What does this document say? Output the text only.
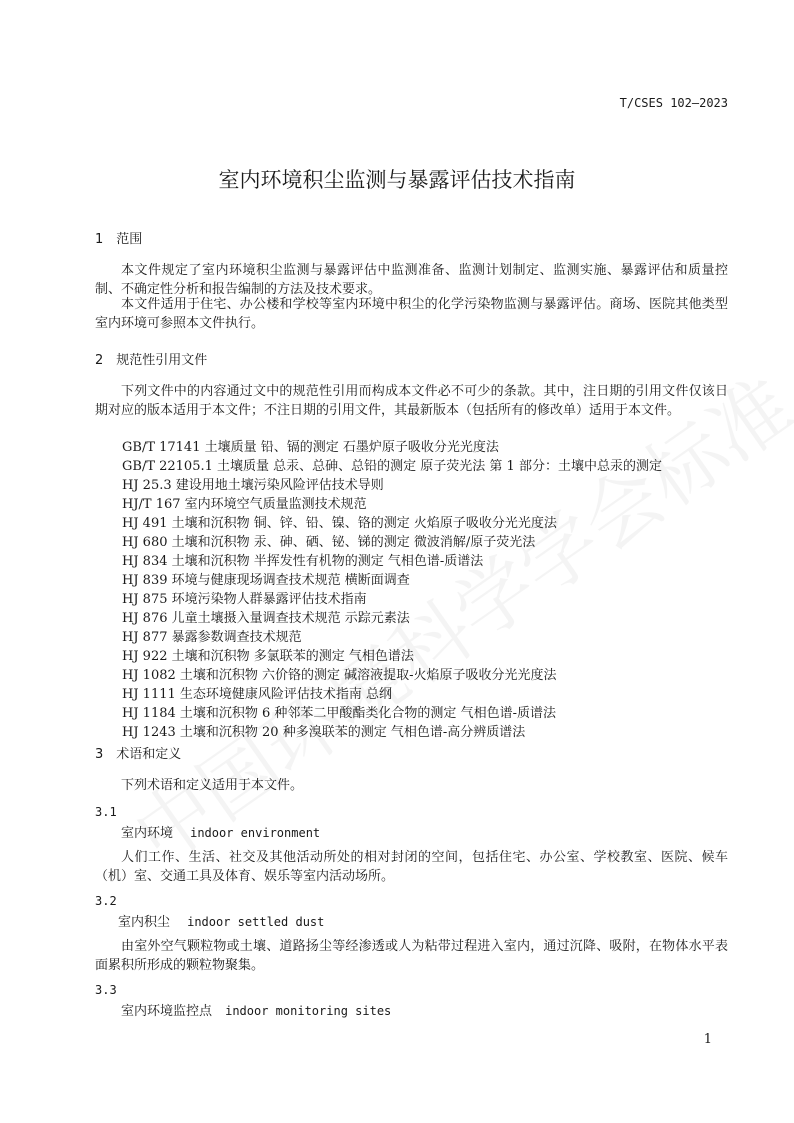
T/CSES 102—2023
室内环境积尘监测与暴露评估技术指南
1　范围
本文件规定了室内环境积尘监测与暴露评估中监测准备、监测计划制定、监测实施、暴露评估和质量控制、不确定性分析和报告编制的方法及技术要求。
本文件适用于住宅、办公楼和学校等室内环境中积尘的化学污染物监测与暴露评估。商场、医院其他类型室内环境可参照本文件执行。
2　规范性引用文件
下列文件中的内容通过文中的规范性引用而构成本文件必不可少的条款。其中，注日期的引用文件仅该日期对应的版本适用于本文件；不注日期的引用文件，其最新版本（包括所有的修改单）适用于本文件。
GB/T 17141 土壤质量 铅、镉的测定 石墨炉原子吸收分光光度法
GB/T 22105.1 土壤质量 总汞、总砷、总铅的测定 原子荧光法 第 1 部分：土壤中总汞的测定
HJ 25.3 建设用地土壤污染风险评估技术导则
HJ/T 167 室内环境空气质量监测技术规范
HJ 491 土壤和沉积物 铜、锌、铅、镍、铬的测定 火焰原子吸收分光光度法
HJ 680 土壤和沉积物 汞、砷、硒、铋、锑的测定 微波消解/原子荧光法
HJ 834 土壤和沉积物 半挥发性有机物的测定 气相色谱-质谱法
HJ 839 环境与健康现场调查技术规范 横断面调查
HJ 875 环境污染物人群暴露评估技术指南
HJ 876 儿童土壤摄入量调查技术规范 示踪元素法
HJ 877 暴露参数调查技术规范
HJ 922 土壤和沉积物 多氯联苯的测定 气相色谱法
HJ 1082 土壤和沉积物 六价铬的测定 碱溶液提取-火焰原子吸收分光光度法
HJ 1111 生态环境健康风险评估技术指南 总纲
HJ 1184 土壤和沉积物 6 种邻苯二甲酸酯类化合物的测定 气相色谱-质谱法
HJ 1243 土壤和沉积物 20 种多溴联苯的测定 气相色谱-高分辨质谱法
3　术语和定义
下列术语和定义适用于本文件。
3.1
室内环境 indoor environment
人们工作、生活、社交及其他活动所处的相对封闭的空间，包括住宅、办公室、学校教室、医院、候车（机）室、交通工具及体育、娱乐等室内活动场所。
3.2
室内积尘 indoor settled dust
由室外空气颗粒物或土壤、道路扬尘等经渗透或人为粘带过程进入室内，通过沉降、吸附，在物体水平表面累积所形成的颗粒物聚集。
3.3
室内环境监控点 indoor monitoring sites
1
